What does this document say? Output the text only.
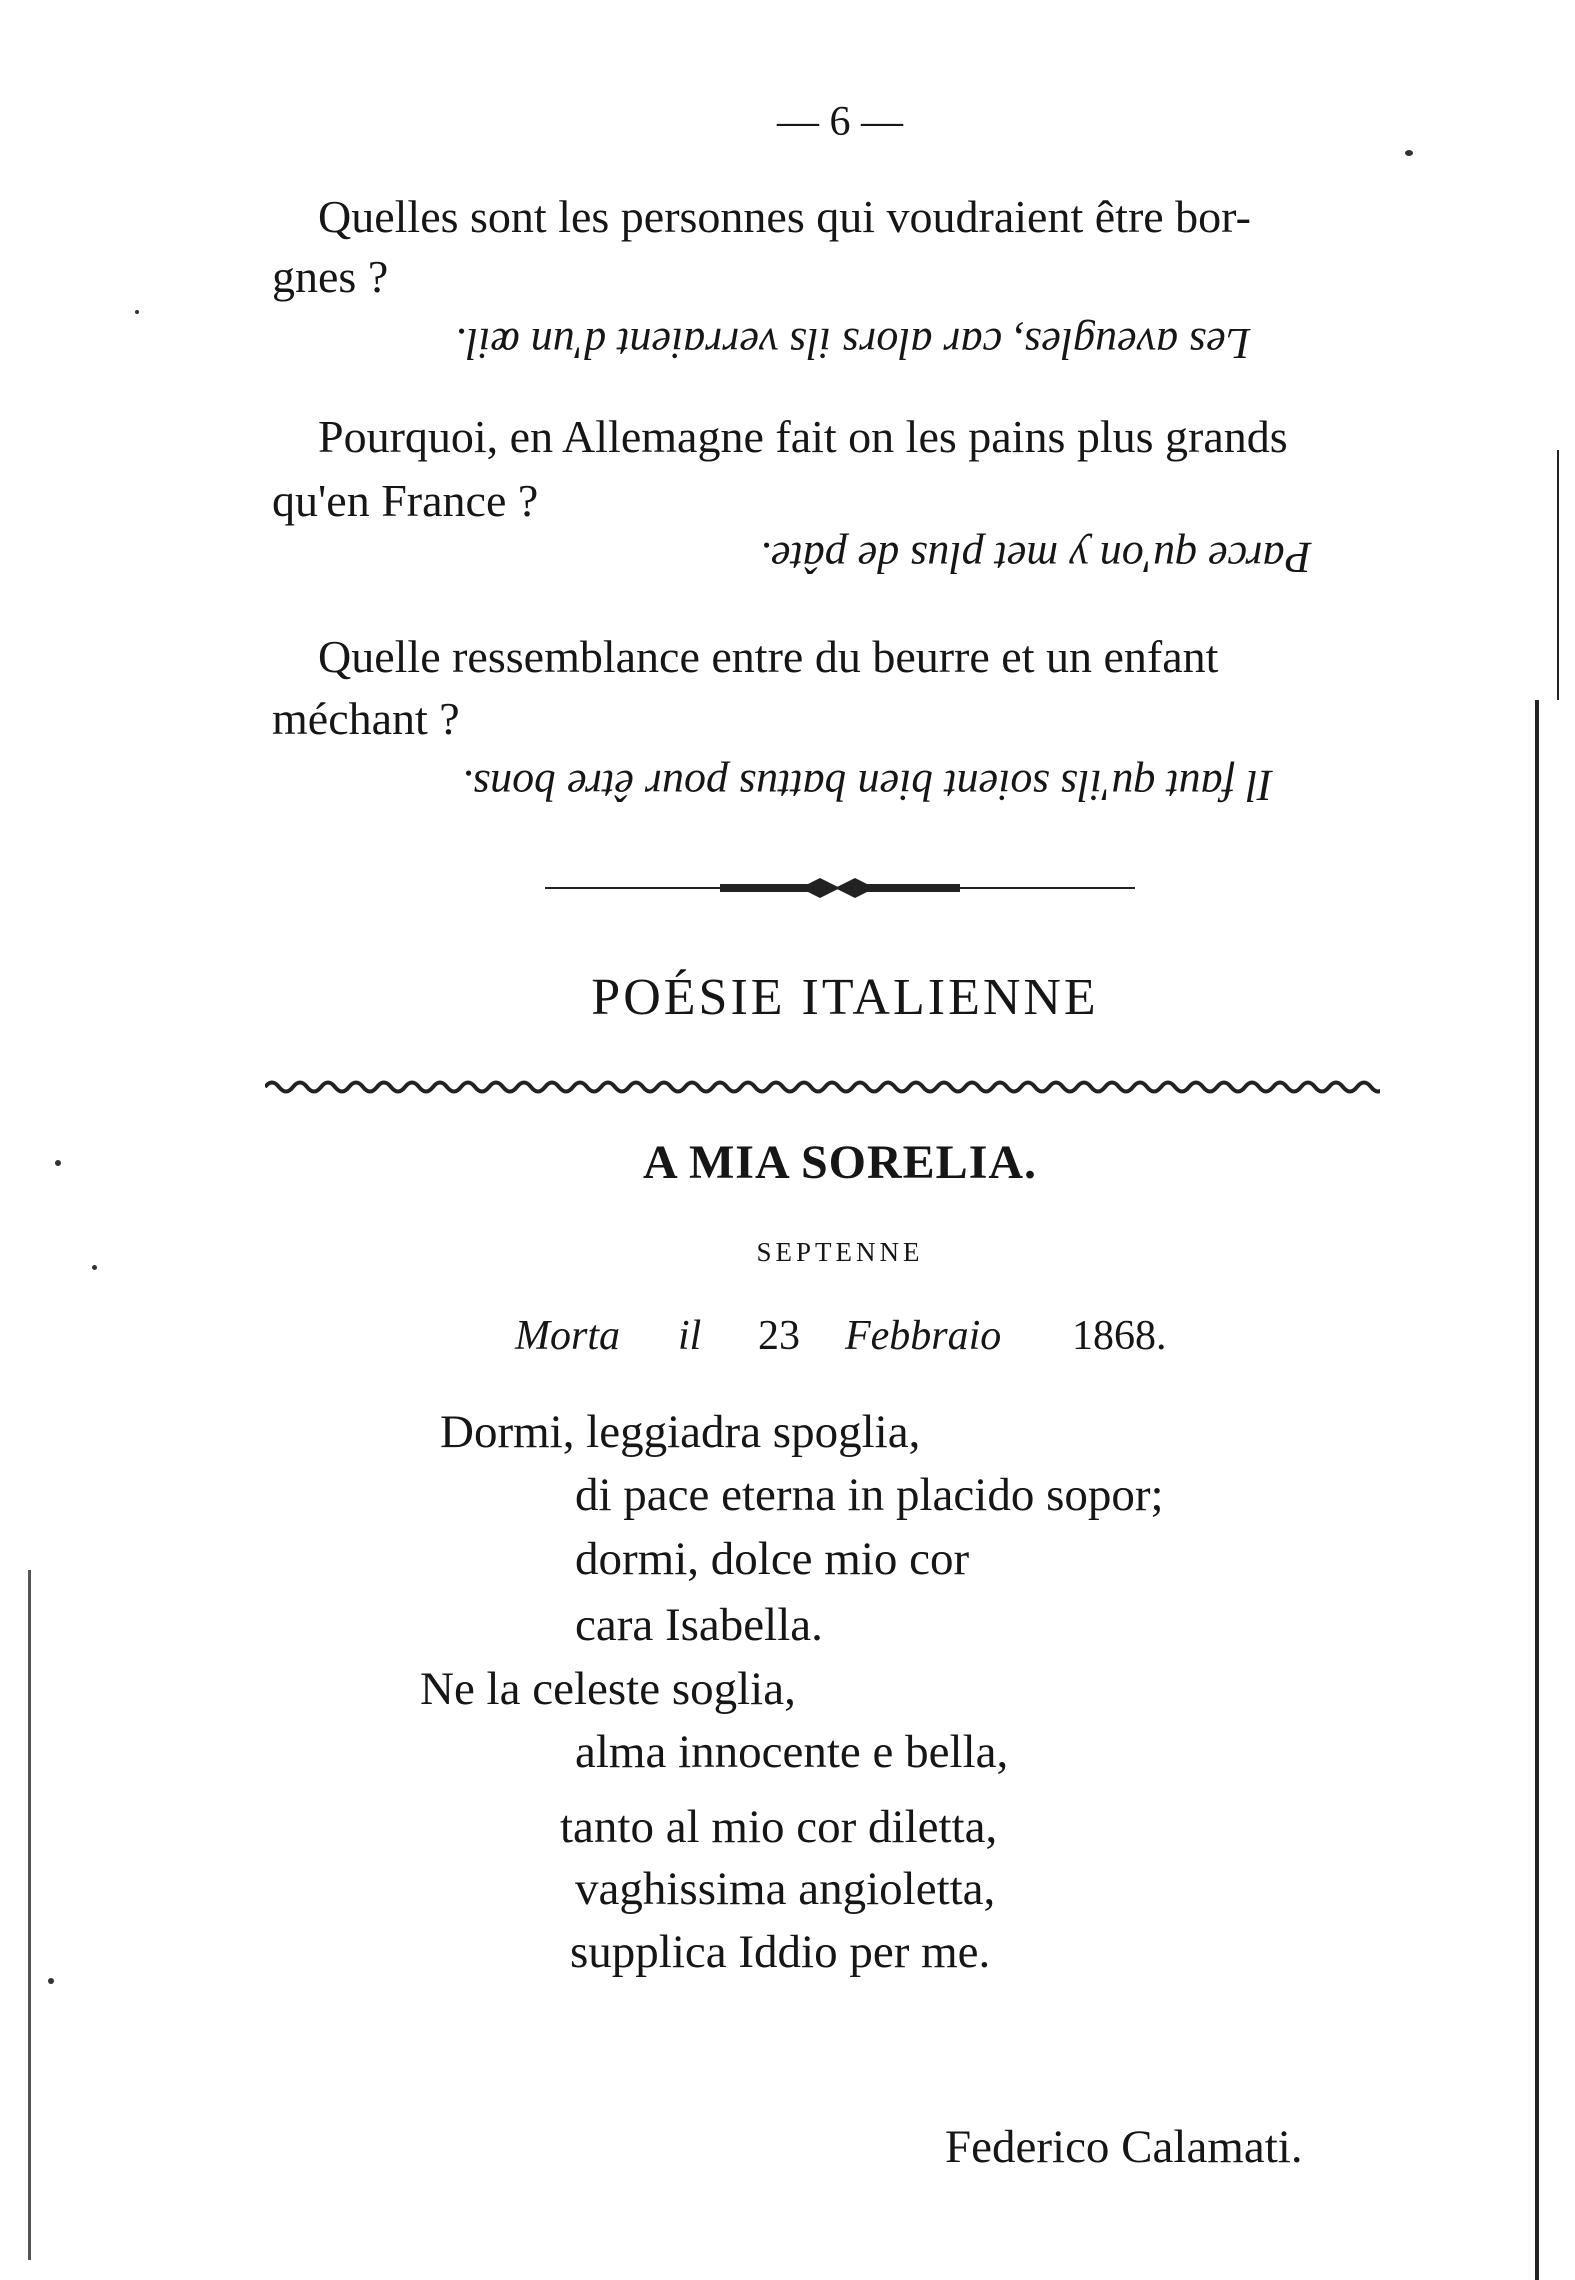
— 6 —
Quelles sont les personnes qui voudraient être bor-
gnes ?
Les aveugles, car alors ils verraient d'un œil.
Pourquoi, en Allemagne fait on les pains plus grands
qu'en France ?
Parce qu'on y met plus de pâte.
Quelle ressemblance entre du beurre et un enfant
méchant ?
Il faut qu'ils soient bien battus pour être bons.
POÉSIE ITALIENNE
A MIA SORELIA.
SEPTENNE
Morta il 23 Febbraio 1868.
Dormi, leggiadra spoglia,
di pace eterna in placido sopor;
dormi, dolce mio cor
cara Isabella.
Ne la celeste soglia,
alma innocente e bella,
tanto al mio cor diletta,
vaghissima angioletta,
supplica Iddio per me.
Federico Calamati.
